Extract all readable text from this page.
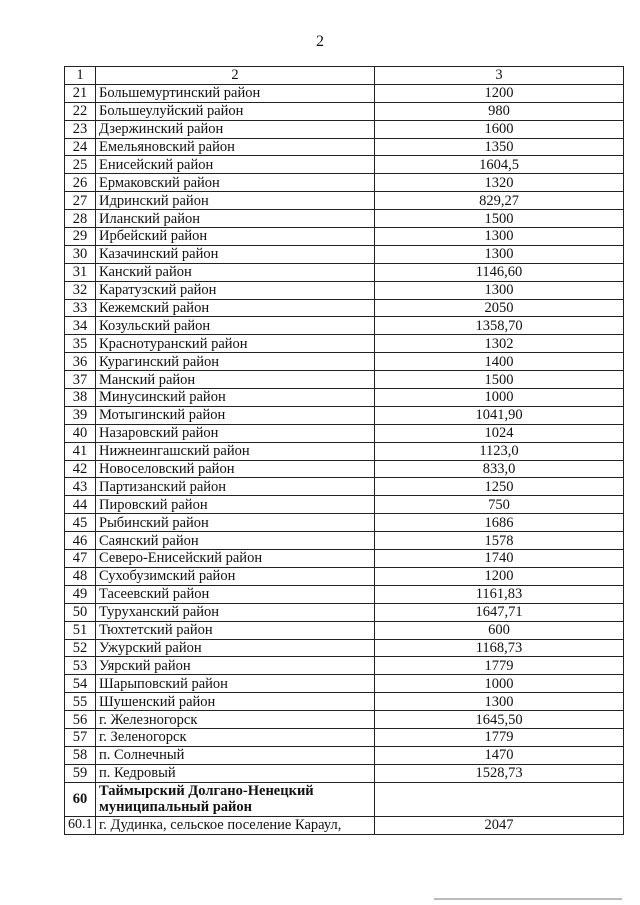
2
1	2	3
21	Большемуртинский район	1200
22	Большеулуйский район	980
23	Дзержинский район	1600
24	Емельяновский район	1350
25	Енисейский район	1604,5
26	Ермаковский район	1320
27	Идринский район	829,27
28	Иланский район	1500
29	Ирбейский район	1300
30	Казачинский район	1300
31	Канский район	1146,60
32	Каратузский район	1300
33	Кежемский район	2050
34	Козульский район	1358,70
35	Краснотуранский район	1302
36	Курагинский район	1400
37	Манский район	1500
38	Минусинский район	1000
39	Мотыгинский район	1041,90
40	Назаровский район	1024
41	Нижнеингашский район	1123,0
42	Новоселовский район	833,0
43	Партизанский район	1250
44	Пировский район	750
45	Рыбинский район	1686
46	Саянский район	1578
47	Северо-Енисейский район	1740
48	Сухобузимский район	1200
49	Тасеевский район	1161,83
50	Туруханский район	1647,71
51	Тюхтетский район	600
52	Ужурский район	1168,73
53	Уярский район	1779
54	Шарыповский район	1000
55	Шушенский район	1300
56	г. Железногорск	1645,50
57	г. Зеленогорск	1779
58	п. Солнечный	1470
59	п. Кедровый	1528,73
60	Таймырский Долгано-Ненецкий муниципальный район	
60.1	г. Дудинка, сельское поселение Караул,	2047
